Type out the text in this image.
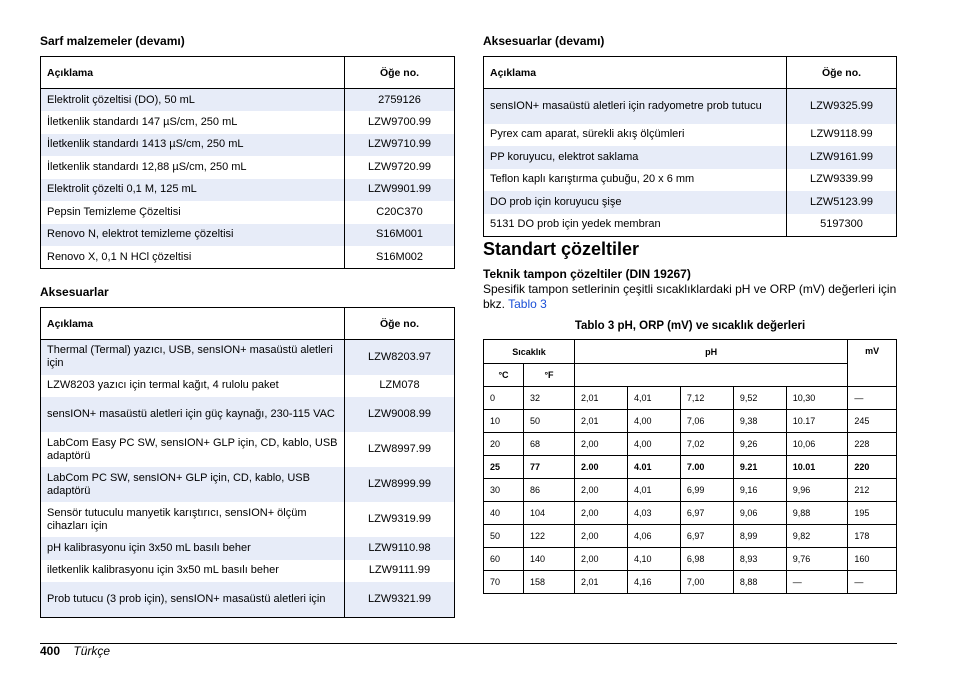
Sarf malzemeler (devamı)
Açıklama	Öğe no.
Elektrolit çözeltisi (DO), 50 mL	2759126
İletkenlik standardı 147 µS/cm, 250 mL	LZW9700.99
İletkenlik standardı 1413 µS/cm, 250 mL	LZW9710.99
İletkenlik standardı 12,88 µS/cm, 250 mL	LZW9720.99
Elektrolit çözelti 0,1 M, 125 mL	LZW9901.99
Pepsin Temizleme Çözeltisi	C20C370
Renovo N, elektrot temizleme çözeltisi	S16M001
Renovo X, 0,1 N HCl çözeltisi	S16M002
Aksesuarlar
Açıklama	Öğe no.
Thermal (Termal) yazıcı, USB, sensION+ masaüstü aletleri için	LZW8203.97
LZW8203 yazıcı için termal kağıt, 4 rulolu paket	LZM078
sensION+ masaüstü aletleri için güç kaynağı, 230-115 VAC	LZW9008.99
LabCom Easy PC SW, sensION+ GLP için, CD, kablo, USB adaptörü	LZW8997.99
LabCom PC SW, sensION+ GLP için, CD, kablo, USB adaptörü	LZW8999.99
Sensör tutuculu manyetik karıştırıcı, sensION+ ölçüm cihazları için	LZW9319.99
pH kalibrasyonu için 3x50 mL basılı beher	LZW9110.98
iletkenlik kalibrasyonu için 3x50 mL basılı beher	LZW9111.99
Prob tutucu (3 prob için), sensION+ masaüstü aletleri için	LZW9321.99
Aksesuarlar (devamı)
Açıklama	Öğe no.
sensION+ masaüstü aletleri için radyometre prob tutucu	LZW9325.99
Pyrex cam aparat, sürekli akış ölçümleri	LZW9118.99
PP koruyucu, elektrot saklama	LZW9161.99
Teflon kaplı karıştırma çubuğu, 20 x 6 mm	LZW9339.99
DO prob için koruyucu şişe	LZW5123.99
5131 DO prob için yedek membran	5197300
Standart çözeltiler
Teknik tampon çözeltiler (DIN 19267)
Spesifik tampon setlerinin çeşitli sıcaklıklardaki pH ve ORP (mV) değerleri için bkz. Tablo 3
Tablo 3 pH, ORP (mV) ve sıcaklık değerleri
Sıcaklık		pH					mV
°C	°F						
0	32	2,01	4,01	7,12	9,52	10,30	—
10	50	2,01	4,00	7,06	9,38	10.17	245
20	68	2,00	4,00	7,02	9,26	10,06	228
25	77	2.00	4.01	7.00	9.21	10.01	220
30	86	2,00	4,01	6,99	9,16	9,96	212
40	104	2,00	4,03	6,97	9,06	9,88	195
50	122	2,00	4,06	6,97	8,99	9,82	178
60	140	2,00	4,10	6,98	8,93	9,76	160
70	158	2,01	4,16	7,00	8,88	—	—
400 Türkçe
